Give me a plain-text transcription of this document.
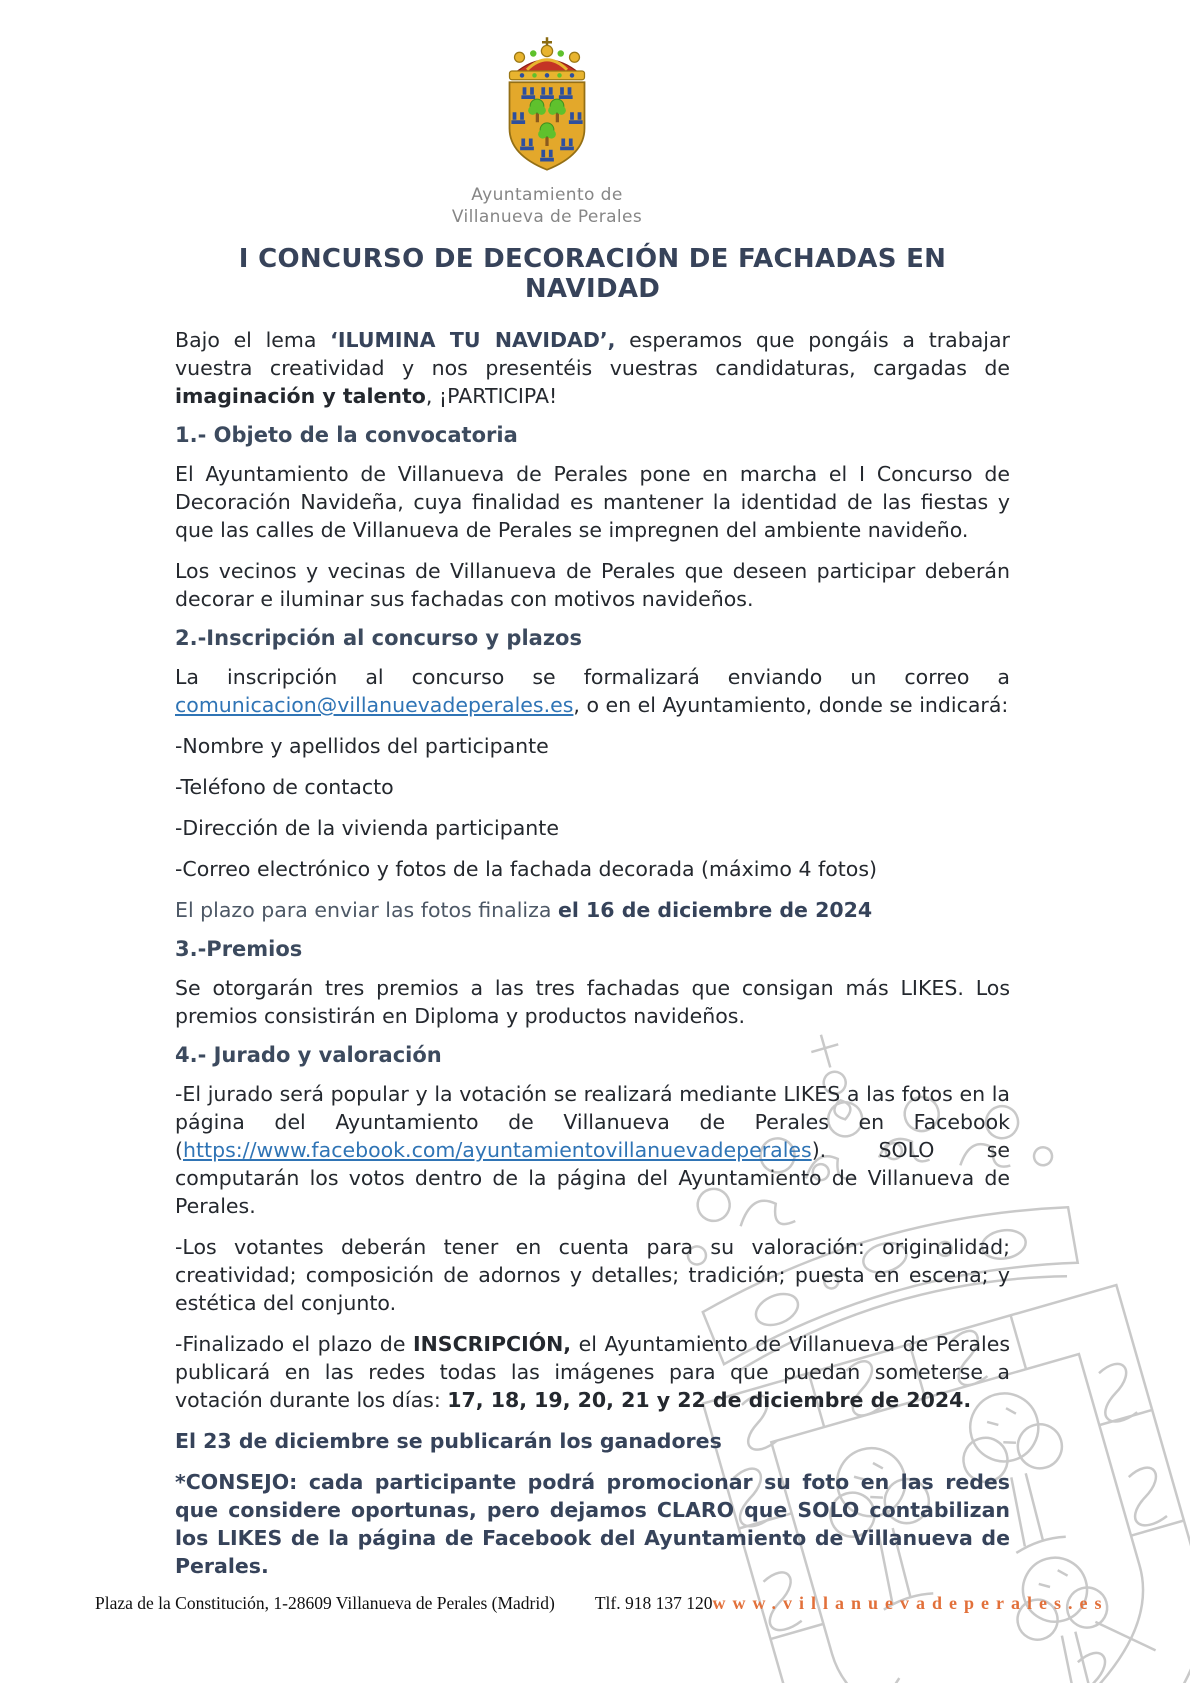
Ayuntamiento de
Villanueva de Perales
I CONCURSO DE DECORACIÓN DE FACHADAS EN NAVIDAD

Bajo el lema ‘ILUMINA TU NAVIDAD’, esperamos que pongáis a trabajar vuestra creatividad y nos presentéis vuestras candidaturas, cargadas de imaginación y talento, ¡PARTICIPA!

1.- Objeto de la convocatoria

El Ayuntamiento de Villanueva de Perales pone en marcha el I Concurso de Decoración Navideña, cuya finalidad es mantener la identidad de las fiestas y que las calles de Villanueva de Perales se impregnen del ambiente navideño.

Los vecinos y vecinas de Villanueva de Perales que deseen participar deberán decorar e iluminar sus fachadas con motivos navideños.

2.-Inscripción al concurso y plazos

La inscripción al concurso se formalizará enviando un correo a comunicacion@villanuevadeperales.es, o en el Ayuntamiento, donde se indicará:

-Nombre y apellidos del participante

-Teléfono de contacto

-Dirección de la vivienda participante

-Correo electrónico y fotos de la fachada decorada (máximo 4 fotos)

El plazo para enviar las fotos finaliza el 16 de diciembre de 2024

3.-Premios

Se otorgarán tres premios a las tres fachadas que consigan más LIKES. Los premios consistirán en Diploma y productos navideños.

4.- Jurado y valoración

-El jurado será popular y la votación se realizará mediante LIKES a las fotos en la página del Ayuntamiento de Villanueva de Perales en Facebook (https://www.facebook.com/ayuntamientovillanuevadeperales). SOLO se computarán los votos dentro de la página del Ayuntamiento de Villanueva de Perales.

-Los votantes deberán tener en cuenta para su valoración: originalidad; creatividad; composición de adornos y detalles; tradición; puesta en escena; y estética del conjunto.

-Finalizado el plazo de INSCRIPCIÓN, el Ayuntamiento de Villanueva de Perales publicará en las redes todas las imágenes para que puedan someterse a votación durante los días: 17, 18, 19, 20, 21 y 22 de diciembre de 2024.

El 23 de diciembre se publicarán los ganadores

*CONSEJO: cada participante podrá promocionar su foto en las redes que considere oportunas, pero dejamos CLARO que SOLO contabilizan los LIKES de la página de Facebook del Ayuntamiento de Villanueva de Perales.

Plaza de la Constitución, 1-28609 Villanueva de Perales (Madrid) Tlf. 918 137 120 www.villanuevadeperales.es
